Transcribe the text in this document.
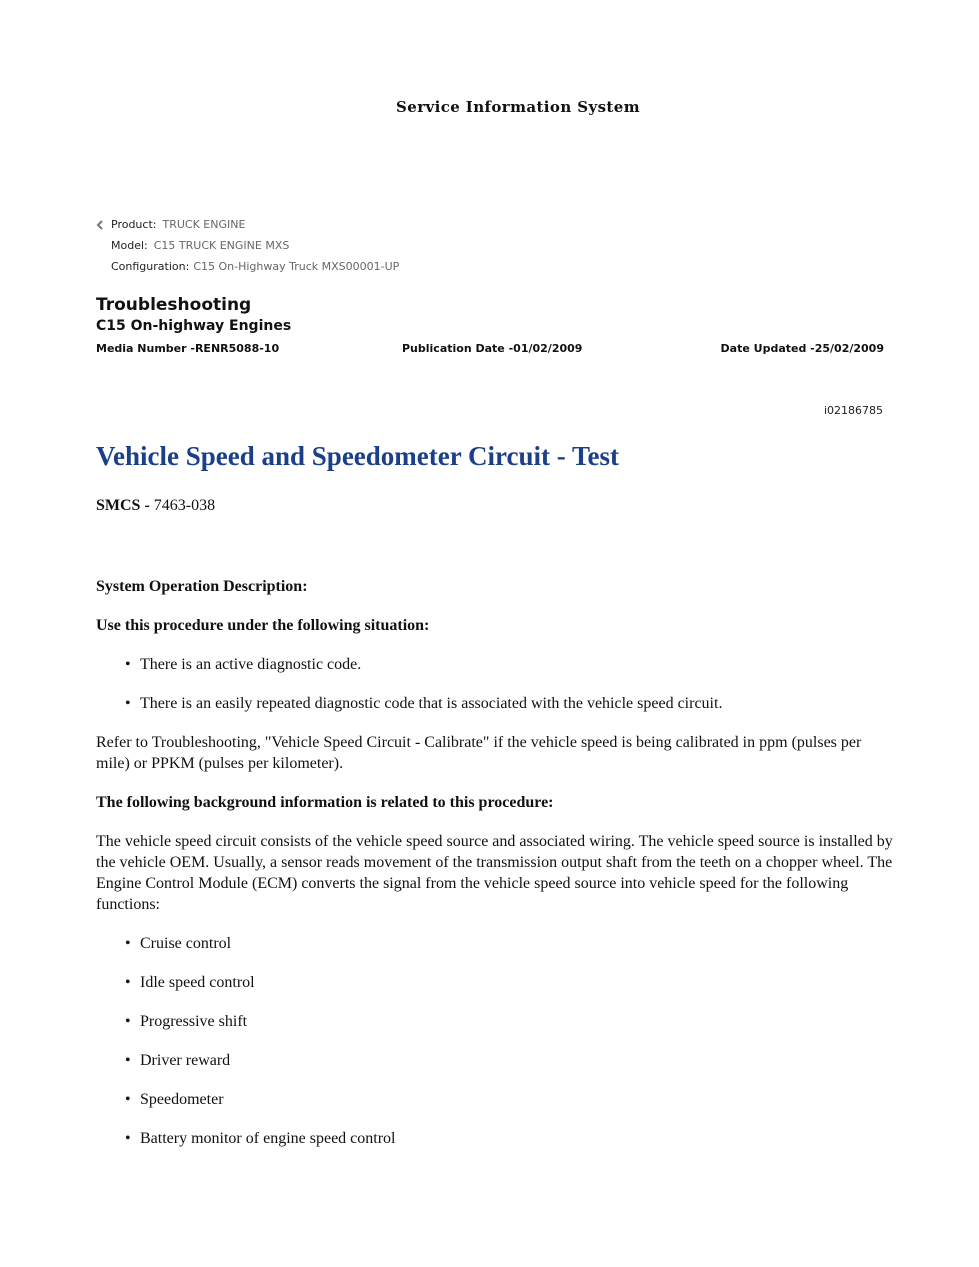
Service Information System
Product: TRUCK ENGINE
Model: C15 TRUCK ENGINE MXS
Configuration: C15 On-Highway Truck MXS00001-UP
Troubleshooting
C15 On-highway Engines
Media Number -RENR5088-10	Publication Date -01/02/2009	Date Updated -25/02/2009
i02186785
Vehicle Speed and Speedometer Circuit - Test
SMCS - 7463-038

System Operation Description:

Use this procedure under the following situation:

• There is an active diagnostic code.
• There is an easily repeated diagnostic code that is associated with the vehicle speed circuit.

Refer to Troubleshooting, "Vehicle Speed Circuit - Calibrate" if the vehicle speed is being calibrated in ppm (pulses per mile) or PPKM (pulses per kilometer).

The following background information is related to this procedure:

The vehicle speed circuit consists of the vehicle speed source and associated wiring. The vehicle speed source is installed by the vehicle OEM. Usually, a sensor reads movement of the transmission output shaft from the teeth on a chopper wheel. The Engine Control Module (ECM) converts the signal from the vehicle speed source into vehicle speed for the following functions:

• Cruise control
• Idle speed control
• Progressive shift
• Driver reward
• Speedometer
• Battery monitor of engine speed control
